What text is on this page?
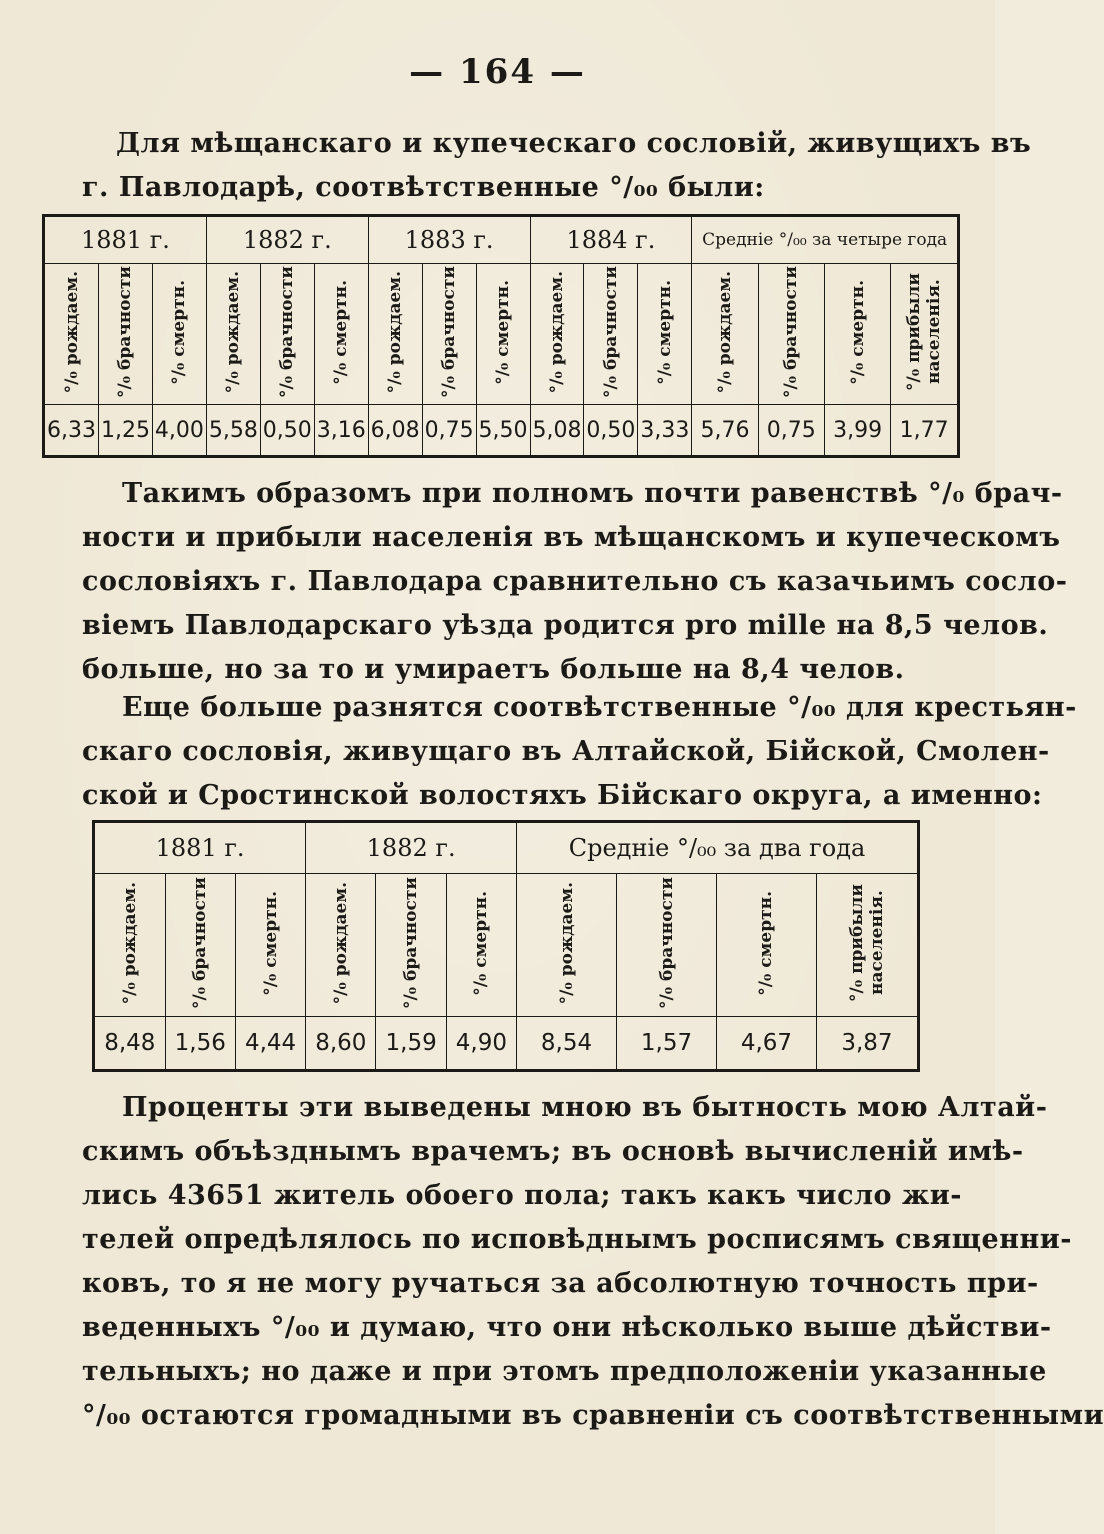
— 164 —
Для мѣщанскаго и купеческаго сословій, живущихъ въ
г. Павлодарѣ, соотвѣтственные °/₀₀ были:
1881 г.			1882 г.			1883 г.			1884 г.			Средніе °/₀₀ за четыре года			
°/₀ рождаем.	°/₀ брачности	°/₀ смертн.	°/₀ рождаем.	°/₀ брачности	°/₀ смертн.	°/₀ рождаем.	°/₀ брачности	°/₀ смертн.	°/₀ рождаем.	°/₀ брачности	°/₀ смертн.	°/₀ рождаем.	°/₀ брачности	°/₀ смертн.	°/₀ прибыли населенія.
6,33	1,25	4,00	5,58	0,50	3,16	6,08	0,75	5,50	5,08	0,50	3,33	5,76	0,75	3,99	1,77
Такимъ образомъ при полномъ почти равенствѣ °/₀ брач-
ности и прибыли населенія въ мѣщанскомъ и купеческомъ
сословіяхъ г. Павлодара сравнительно съ казачьимъ сосло-
віемъ Павлодарскаго уѣзда родится pro mille на 8,5 челов.
больше, но за то и умираетъ больше на 8,4 челов.
Еще больше разнятся соотвѣтственные °/₀₀ для крестьян-
скаго сословія, живущаго въ Алтайской, Бійской, Смолен-
ской и Сростинской волостяхъ Бійскаго округа, а именно:
1881 г.			1882 г.			Средніе °/₀₀ за два года			
°/₀ рождаем.	°/₀ брачности	°/₀ смертн.	°/₀ рождаем.	°/₀ брачности	°/₀ смертн.	°/₀ рождаем.	°/₀ брачности	°/₀ смертн.	°/₀ прибыли населенія.
8,48	1,56	4,44	8,60	1,59	4,90	8,54	1,57	4,67	3,87
Проценты эти выведены мною въ бытность мою Алтай-
скимъ объѣзднымъ врачемъ; въ основѣ вычисленій имѣ-
лись 43651 житель обоего пола; такъ какъ число жи-
телей опредѣлялось по исповѣднымъ росписямъ священни-
ковъ, то я не могу ручаться за абсолютную точность при-
веденныхъ °/₀₀ и думаю, что они нѣсколько выше дѣйстви-
тельныхъ; но даже и при этомъ предположеніи указанные
°/₀₀ остаются громадными въ сравненіи съ соотвѣтственными
